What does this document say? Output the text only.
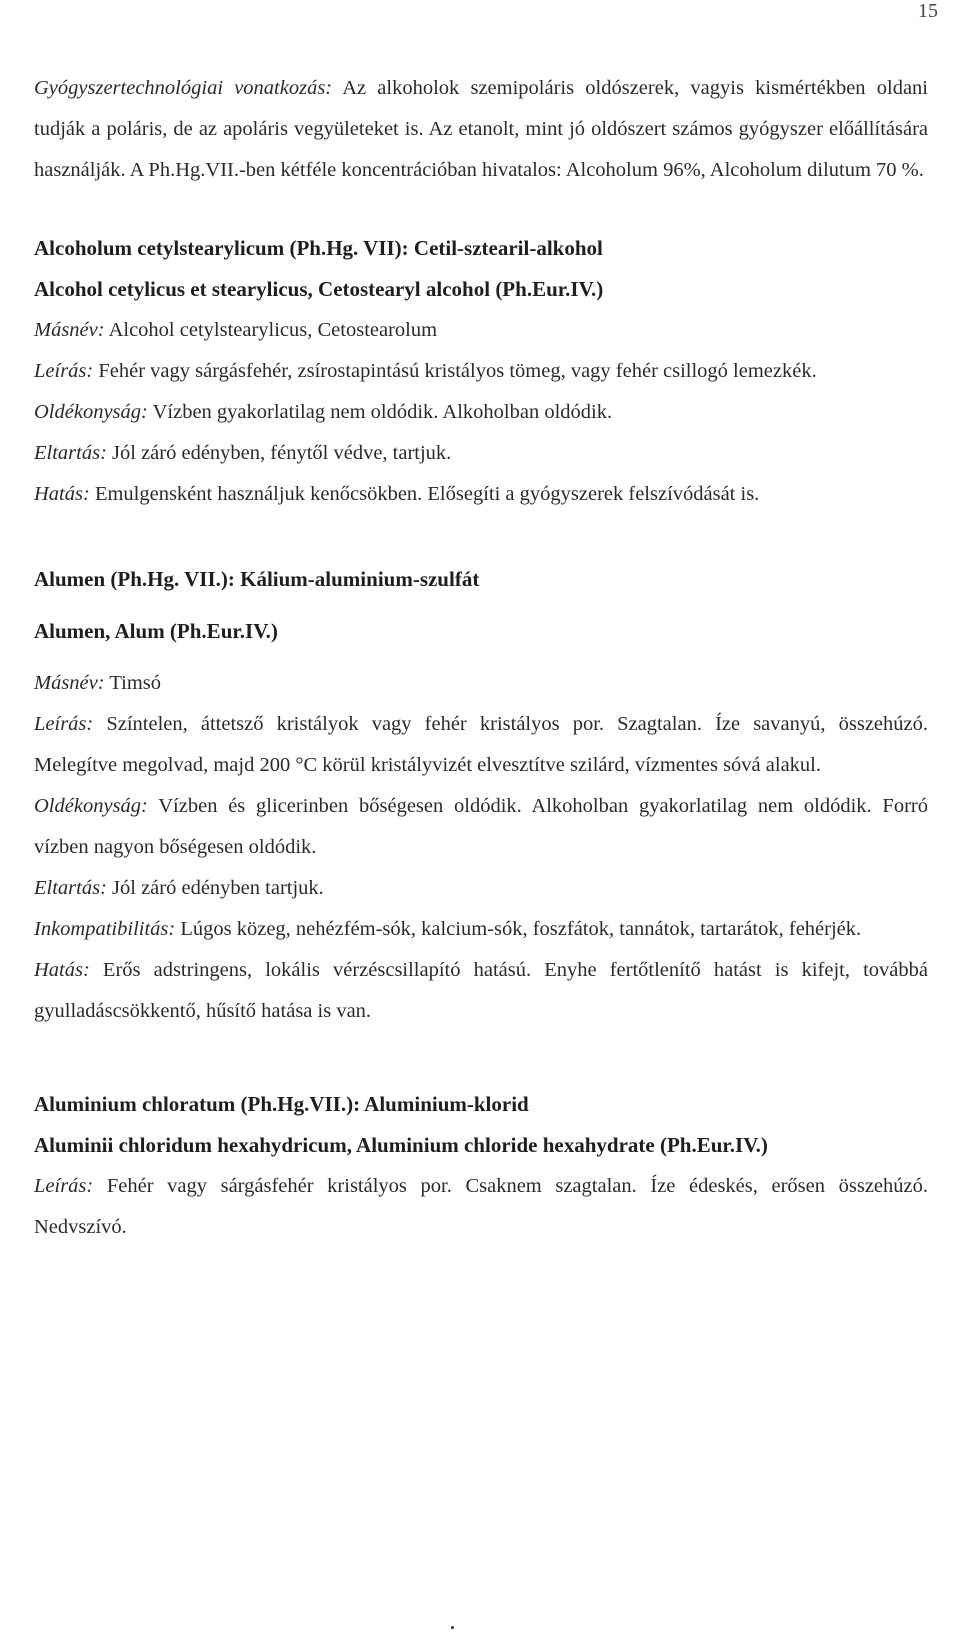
15

Gyógyszertechnológiai vonatkozás: Az alkoholok szemipoláris oldószerek, vagyis kismértékben oldani tudják a poláris, de az apoláris vegyületeket is. Az etanolt, mint jó oldószert számos gyógyszer előállítására használják. A Ph.Hg.VII.-ben kétféle koncentrációban hivatalos: Alcoholum 96%, Alcoholum dilutum 70 %.

Alcoholum cetylstearylicum (Ph.Hg. VII): Cetil-sztearil-alkohol

Alcohol cetylicus et stearylicus, Cetostearyl alcohol (Ph.Eur.IV.)

Másnév: Alcohol cetylstearylicus, Cetostearolum

Leírás: Fehér vagy sárgásfehér, zsírostapintású kristályos tömeg, vagy fehér csillogó lemezkék.

Oldékonyság: Vízben gyakorlatilag nem oldódik. Alkoholban oldódik.

Eltartás: Jól záró edényben, fénytől védve, tartjuk.

Hatás: Emulgensként használjuk kenőcsökben. Elősegíti a gyógyszerek felszívódását is.

Alumen (Ph.Hg. VII.): Kálium-aluminium-szulfát

Alumen, Alum (Ph.Eur.IV.)

Másnév: Timsó

Leírás: Színtelen, áttetsző kristályok vagy fehér kristályos por. Szagtalan. Íze savanyú, összehúzó. Melegítve megolvad, majd 200 °C körül kristályvizét elvesztítve szilárd, vízmentes sóvá alakul.

Oldékonyság: Vízben és glicerinben bőségesen oldódik. Alkoholban gyakorlatilag nem oldódik. Forró vízben nagyon bőségesen oldódik.

Eltartás: Jól záró edényben tartjuk.

Inkompatibilitás: Lúgos közeg, nehézfém-sók, kalcium-sók, foszfátok, tannátok, tartarátok, fehérjék.

Hatás: Erős adstringens, lokális vérzéscsillapító hatású. Enyhe fertőtlenítő hatást is kifejt, továbbá gyulladáscsökkentő, hűsítő hatása is van.

Aluminium chloratum (Ph.Hg.VII.): Aluminium-klorid

Aluminii chloridum hexahydricum, Aluminium chloride hexahydrate (Ph.Eur.IV.)

Leírás: Fehér vagy sárgásfehér kristályos por. Csaknem szagtalan. Íze édeskés, erősen összehúzó. Nedvszívó.
